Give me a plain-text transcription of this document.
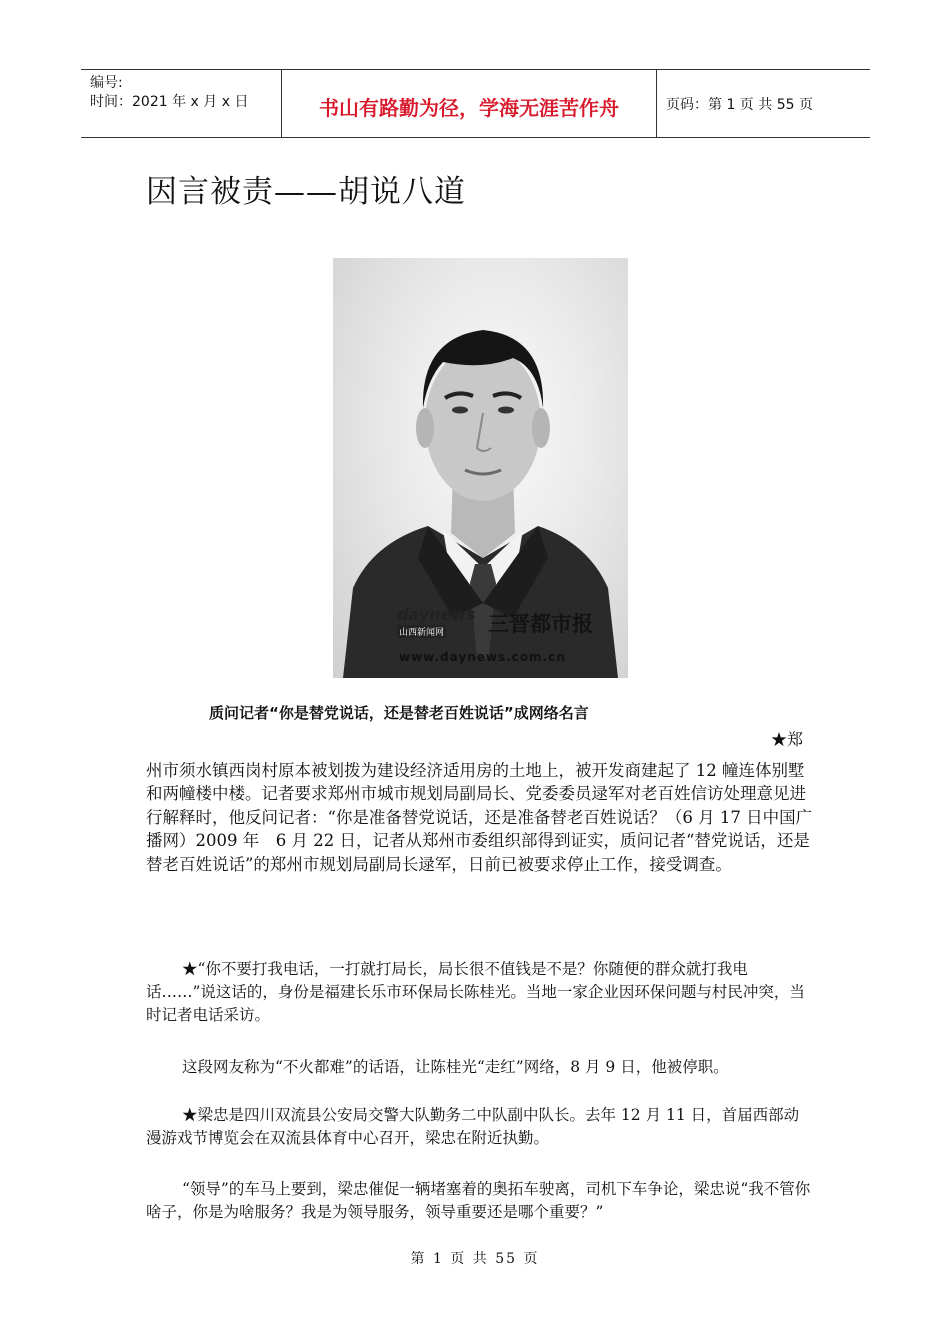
编号:
时间：2021 年 x 月 x 日	书山有路勤为径，学海无涯苦作舟	页码：第 1 页 共 55 页
因言被责——胡说八道
daynews
山西新闻网 三晋都市报
www.daynews.com.cn
质问记者“你是替党说话，还是替老百姓说话”成网络名言
★郑
州市须水镇西岗村原本被划拨为建设经济适用房的土地上，被开发商建起了 12 幢连体别墅和两幢楼中楼。记者要求郑州市城市规划局副局长、党委委员逯军对老百姓信访处理意见进行解释时，他反问记者：“你是准备替党说话，还是准备替老百姓说话？（6 月 17 日中国广播网）2009 年　6 月 22 日，记者从郑州市委组织部得到证实，质问记者“替党说话，还是替老百姓说话”的郑州市规划局副局长逯军，日前已被要求停止工作，接受调查。
★“你不要打我电话，一打就打局长，局长很不值钱是不是？你随便的群众就打我电话……”说这话的，身份是福建长乐市环保局长陈桂光。当地一家企业因环保问题与村民冲突，当时记者电话采访。
这段网友称为“不火都难”的话语，让陈桂光“走红”网络，8 月 9 日，他被停职。
★梁忠是四川双流县公安局交警大队勤务二中队副中队长。去年 12 月 11 日，首届西部动漫游戏节博览会在双流县体育中心召开，梁忠在附近执勤。
“领导”的车马上要到，梁忠催促一辆堵塞着的奥拓车驶离，司机下车争论，梁忠说“我不管你啥子，你是为啥服务？我是为领导服务，领导重要还是哪个重要？”
第 1 页 共 55 页
